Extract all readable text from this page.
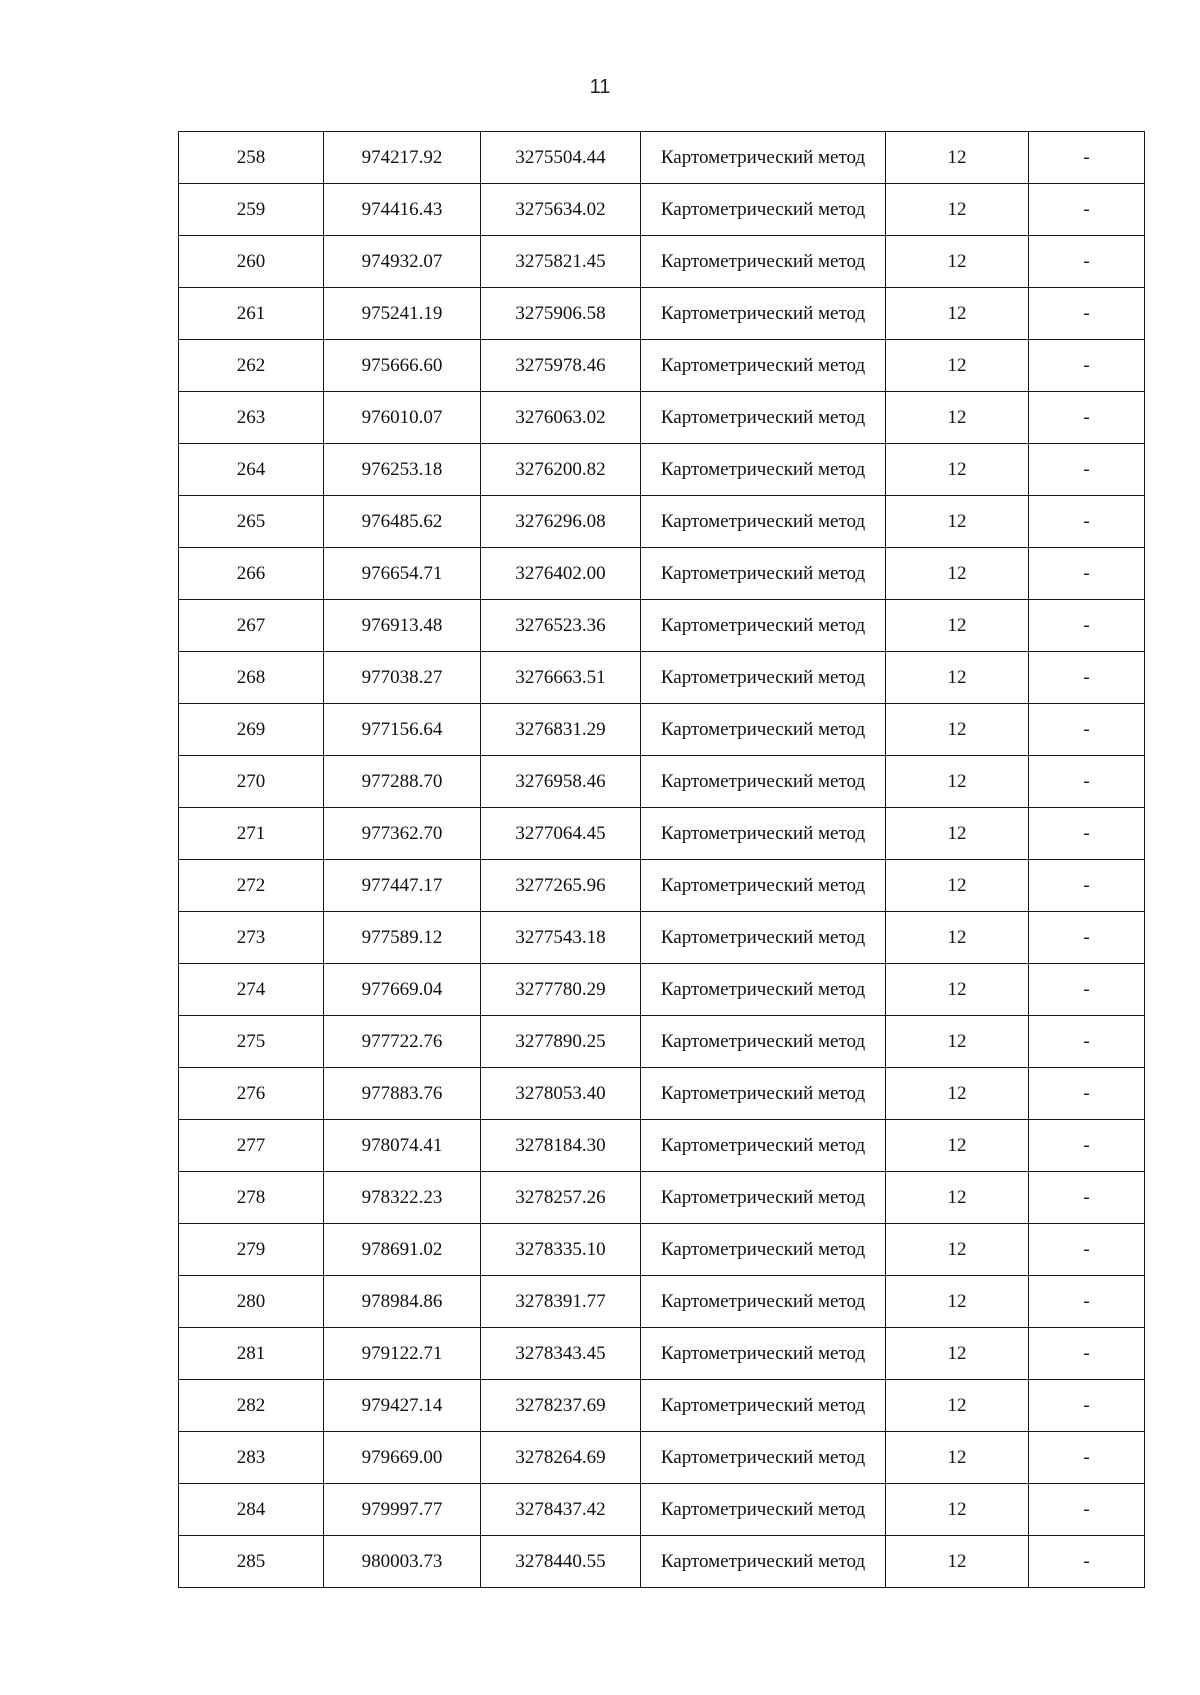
11
258	974217.92	3275504.44	Картометрический метод	12	-
259	974416.43	3275634.02	Картометрический метод	12	-
260	974932.07	3275821.45	Картометрический метод	12	-
261	975241.19	3275906.58	Картометрический метод	12	-
262	975666.60	3275978.46	Картометрический метод	12	-
263	976010.07	3276063.02	Картометрический метод	12	-
264	976253.18	3276200.82	Картометрический метод	12	-
265	976485.62	3276296.08	Картометрический метод	12	-
266	976654.71	3276402.00	Картометрический метод	12	-
267	976913.48	3276523.36	Картометрический метод	12	-
268	977038.27	3276663.51	Картометрический метод	12	-
269	977156.64	3276831.29	Картометрический метод	12	-
270	977288.70	3276958.46	Картометрический метод	12	-
271	977362.70	3277064.45	Картометрический метод	12	-
272	977447.17	3277265.96	Картометрический метод	12	-
273	977589.12	3277543.18	Картометрический метод	12	-
274	977669.04	3277780.29	Картометрический метод	12	-
275	977722.76	3277890.25	Картометрический метод	12	-
276	977883.76	3278053.40	Картометрический метод	12	-
277	978074.41	3278184.30	Картометрический метод	12	-
278	978322.23	3278257.26	Картометрический метод	12	-
279	978691.02	3278335.10	Картометрический метод	12	-
280	978984.86	3278391.77	Картометрический метод	12	-
281	979122.71	3278343.45	Картометрический метод	12	-
282	979427.14	3278237.69	Картометрический метод	12	-
283	979669.00	3278264.69	Картометрический метод	12	-
284	979997.77	3278437.42	Картометрический метод	12	-
285	980003.73	3278440.55	Картометрический метод	12	-
